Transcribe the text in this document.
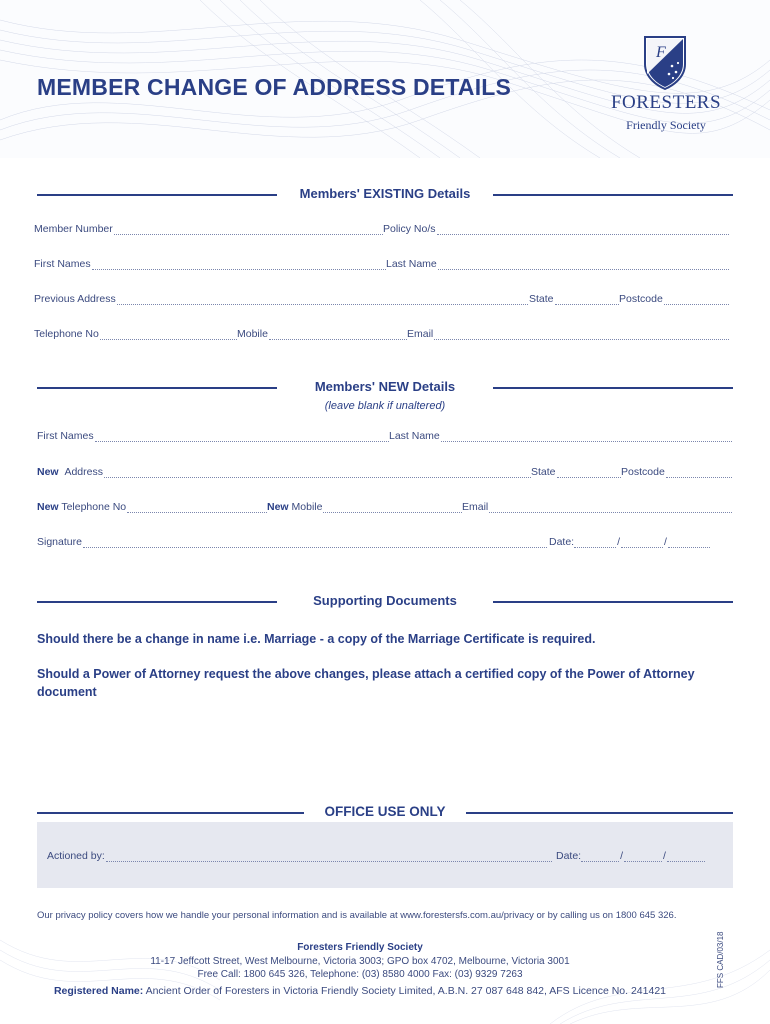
MEMBER CHANGE OF ADDRESS DETAILS
F
FORESTERS
Friendly Society
Members' EXISTING Details
Member Number	Policy No/s
First Names	Last Name
Previous Address	State	Postcode
Telephone No	Mobile	Email
Members' NEW Details
(leave blank if unaltered)
First Names	Last Name
New Address	State	Postcode
New Telephone No	New Mobile	Email
Signature	Date:	/	/
Supporting Documents
Should there be a change in name i.e. Marriage - a copy of the Marriage Certificate is required.
Should a Power of Attorney request the above changes, please attach a certified copy of the Power of Attorney document
Actioned by:	Date:	/	/
OFFICE USE ONLY
Our privacy policy covers how we handle your personal information and is available at www.forestersfs.com.au/privacy or by calling us on 1800 645 326.
Foresters Friendly Society
11-17 Jeffcott Street, West Melbourne, Victoria 3003; GPO box 4702, Melbourne, Victoria 3001
Free Call: 1800 645 326, Telephone: (03) 8580 4000 Fax: (03) 9329 7263
Registered Name: Ancient Order of Foresters in Victoria Friendly Society Limited, A.B.N. 27 087 648 842, AFS Licence No. 241421
FFS CAD/03/18
